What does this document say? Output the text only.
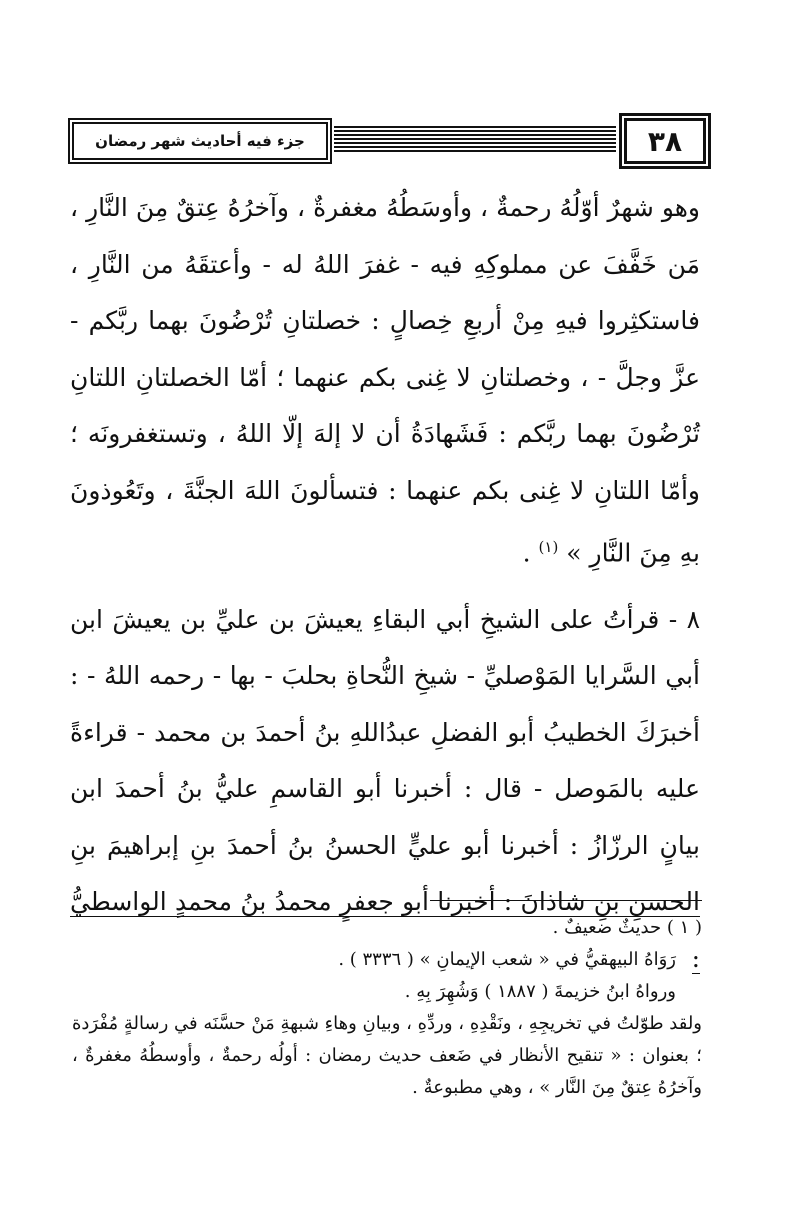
جزء فيه أحاديث شهر رمضان	٣٨

وهو شهرٌ أوّلُهُ رحمةٌ ، وأوسَطُهُ مغفرةٌ ، وآخرُهُ عِتقٌ مِنَ النَّارِ ، مَن خَفَّفَ عن مملوكِهِ فيه - غفرَ اللهُ له - وأعتقَهُ من النَّارِ ، فاستكثِروا فيهِ مِنْ أربعِ خِصالٍ : خصلتانِ تُرْضُونَ بهما ربَّكم - عزَّ وجلَّ - ، وخصلتانِ لا غِنى بكم عنهما ؛ أمّا الخصلتانِ اللتانِ تُرْضُونَ بهما ربَّكم : فَشَهادَةُ أن لا إلهَ إلّا اللهُ ، وتستغفرونَه ؛ وأمّا اللتانِ لا غِنى بكم عنهما : فتسألونَ اللهَ الجنَّةَ ، وتَعُوذونَ بهِ مِنَ النَّارِ » $^{(١)}$ .

٨ - قرأتُ على الشيخِ أبي البقاءِ يعيشَ بن عليِّ بن يعيشَ ابن أبي السَّرايا المَوْصليِّ - شيخِ النُّحاةِ بحلبَ - بها - رحمه اللهُ - : أخبرَكَ الخطيبُ أبو الفضلِ عبدُاللهِ بنُ أحمدَ بن محمد - قراءةً عليه بالمَوصل - قال : أخبرنا أبو القاسمِ عليُّ بنُ أحمدَ ابن بيانٍ الرزّازُ : أخبرنا أبو عليٍّ الحسنُ بنُ أحمدَ بنِ إبراهيمَ بنِ الحسنِ بنِ شاذانَ : أخبرنا أبو جعفرٍ محمدُ بنُ محمدٍ الواسطيُّ :

( ١ ) حديثٌ ضعيفٌ .

رَوَاهُ البيهقيُّ في « شعب الإيمانِ » ( ٣٣٣٦ ) .

ورواهُ ابنُ خزيمةَ ( ١٨٨٧ ) وَشُهِرَ بِهِ .

ولقد طوّلتُ في تخريجِهِ ، ونَقْدِهِ ، وردِّهِ ، وبيانِ وهاءِ شبهةِ مَنْ حسَّنَه في رسالةٍ مُفْرَدة ؛ بعنوان : « تنقيح الأنظار في ضَعف حديث رمضان : أولُه رحمةٌ ، وأوسطُهُ مغفرةٌ ، وآخرُهُ عِتقٌ مِنَ النَّار » ، وهي مطبوعةٌ .
